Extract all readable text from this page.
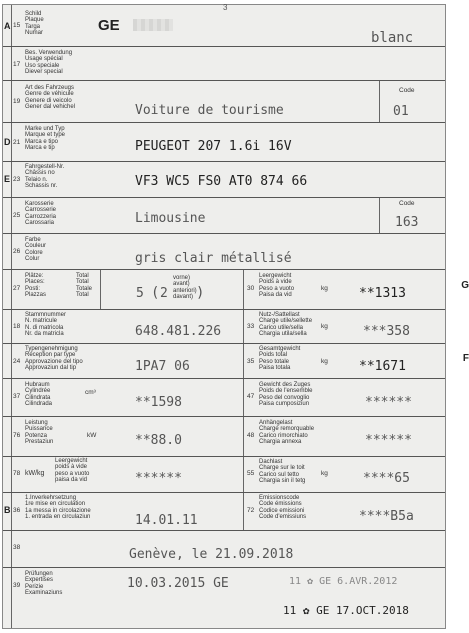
3
A 15
Schild
Plaque
Targa
Numar	GE
blanc
17
Bes. Verwendung
Usage spécial
Uso speciale
Diever special
19
Art des Fahrzeugs
Genre de véhicule
Genere di veicolo
Gener dal vehichel	Voiture de tourisme
Code
01
D 21
Marke und Typ
Marque et type
Marca e tipo
Marca e tip	PEUGEOT 207 1.6i 16V
E 23
Fahrgestell-Nr.
Châssis no
Telaio n.
Schassis nr.	VF3 WC5 FS0 AT0 874 66
25
Karosserie
Carrosserie
Carrozzeria
Carossaria	Limousine
Code
163
26
Farbe
Couleur
Colore
Colur	gris clair métallisé
27
Plätze:
Places:
Posti:
Plazzas
Total
Total
Totale
Total	5 ( 2 )
vorne)
avant)
anteriori)
davant)
30
Leergewicht
Poids à vide
Peso a vuoto
Paisa da vid
kg **1313
G
18
Stammnummer
N. matricule
N. di matricola
Nr. da matricla	648.481.226	33
Nutz-/Sattellast
Charge utile/sellette
Carico utile/sella
Chargia utila/sella
kg	***358
24
Typengenehmigung
Réception par type
Approvazione del tipo
Approvaziun dal tip	1PA7 06	35
Gesamtgewicht
Poids total
Peso totale
Paisa totala
kg **1671
F
37
Hubraum
Cylindrée
Cilindrata
Cilindrada
cm³
**1598	47
Gewicht des Zuges
Poids de l'ensemble
Peso del convoglio
Paisa cumposiziun	******
76
Leistung
Puissance
Potenza
Prestaziun
kW	**88.0	48
Anhängelast
Charge remorquable
Carico rimorchiato
Chargia annexa	******
78 kW/kg
Leergewicht
poids à vide
peso a vuoto
paisa da vid	******	55
Dachlast
Charge sur le toit
Carico sul tetto
Chargia sin il tetg
kg	****65
B 36
1.Inverkehrsetzung
1re mise en circulation
1a messa in circolazione
1. entrada en circulaziun	14.01.11
72
Emissionscode
Code émissions
Codice emissioni
Code d'emissiuns	****B5a
38	Genève, le 21.09.2018
39
Prüfungen
Expertises
Perizie
Examinaziuns
10.03.2015 GE	11 ✿ GE 6.AVR.2012
11 ✿ GE 17.OCT.2018
